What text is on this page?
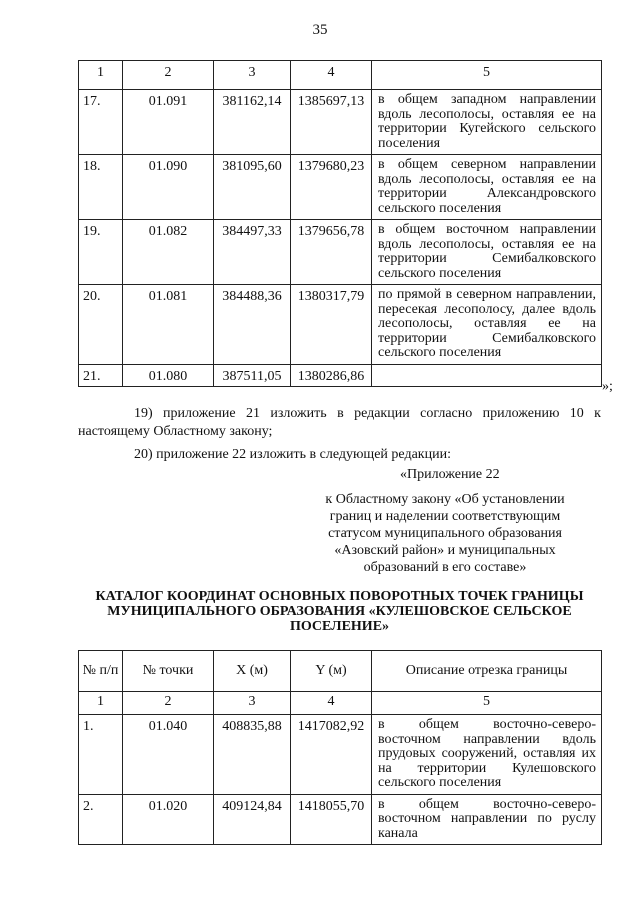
35
1	2	3	4	5
17.	01.091	381162,14	1385697,13	в общем западном направлении вдоль лесополосы, оставляя ее на территории Кугейского сельского поселения
18.	01.090	381095,60	1379680,23	в общем северном направлении вдоль лесополосы, оставляя ее на территории Александровского сельского поселения
19.	01.082	384497,33	1379656,78	в общем восточном направлении вдоль лесополосы, оставляя ее на территории Семибалковского сельского поселения
20.	01.081	384488,36	1380317,79	по прямой в северном направлении, пересекая лесополосу, далее вдоль лесополосы, оставляя ее на территории Семибалковского сельского поселения
21.	01.080	387511,05	1380286,86	
»;
19) приложение 21 изложить в редакции согласно приложению 10 к настоящему Областному закону;
20) приложение 22 изложить в следующей редакции:
«Приложение 22
к Областному закону «Об установлении границ и наделении соответствующим статусом муниципального образования «Азовский район» и муниципальных образований в его составе»
КАТАЛОГ КООРДИНАТ ОСНОВНЫХ ПОВОРОТНЫХ ТОЧЕК ГРАНИЦЫ МУНИЦИПАЛЬНОГО ОБРАЗОВАНИЯ «КУЛЕШОВСКОЕ СЕЛЬСКОЕ ПОСЕЛЕНИЕ»
№ п/п	№ точки	X (м)	Y (м)	Описание отрезка границы
1	2	3	4	5
1.	01.040	408835,88	1417082,92	в общем восточно-северо-восточном направлении вдоль прудовых сооружений, оставляя их на территории Кулешовского сельского поселения
2.	01.020	409124,84	1418055,70	в общем восточно-северо-восточном направлении по руслу канала
